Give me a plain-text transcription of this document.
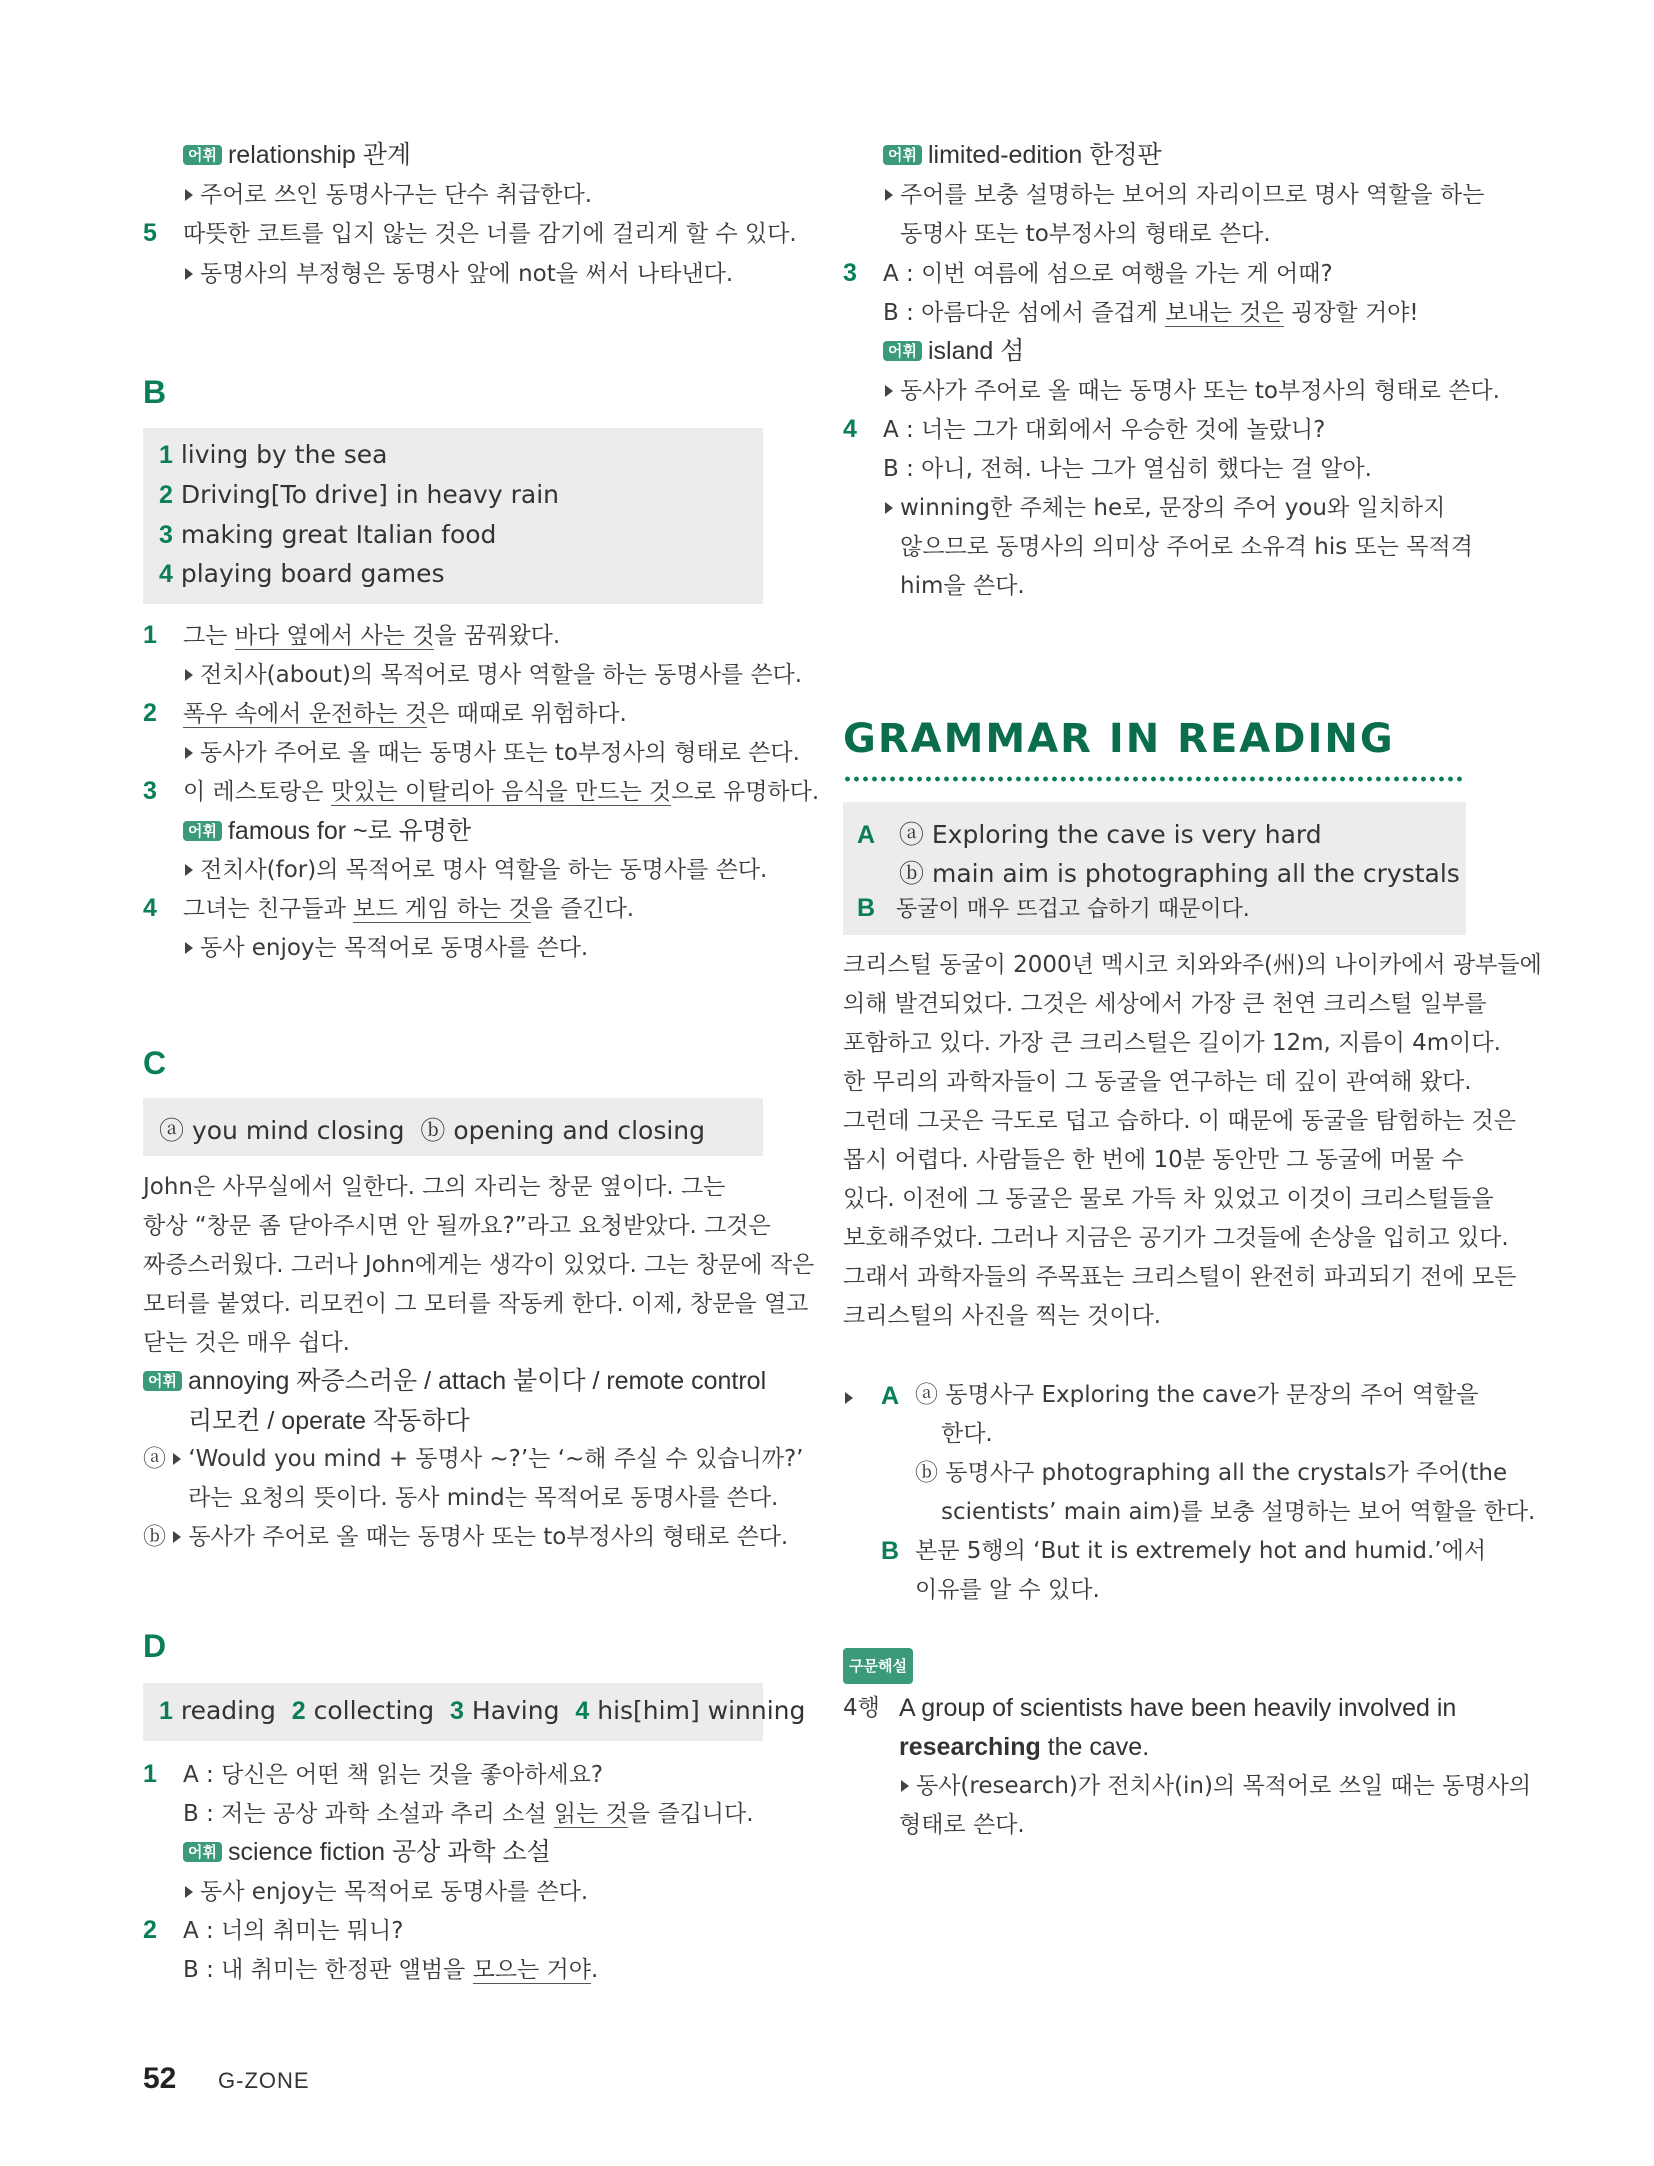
어휘 relationship 관계
주어로 쓰인 동명사구는 단수 취급한다.
5 따뜻한 코트를 입지 않는 것은 너를 감기에 걸리게 할 수 있다.
동명사의 부정형은 동명사 앞에 not을 써서 나타낸다.
B
1 living by the sea
2 Driving[To drive] in heavy rain
3 making great Italian food
4 playing board games
1 그는 바다 옆에서 사는 것을 꿈꿔왔다.
전치사(about)의 목적어로 명사 역할을 하는 동명사를 쓴다.
2 폭우 속에서 운전하는 것은 때때로 위험하다.
동사가 주어로 올 때는 동명사 또는 to부정사의 형태로 쓴다.
3 이 레스토랑은 맛있는 이탈리아 음식을 만드는 것으로 유명하다.
어휘 famous for ~로 유명한
전치사(for)의 목적어로 명사 역할을 하는 동명사를 쓴다.
4 그녀는 친구들과 보드 게임 하는 것을 즐긴다.
동사 enjoy는 목적어로 동명사를 쓴다.
C
ⓐ you mind closing ⓑ opening and closing
John은 사무실에서 일한다. 그의 자리는 창문 옆이다. 그는
항상 “창문 좀 닫아주시면 안 될까요?”라고 요청받았다. 그것은
짜증스러웠다. 그러나 John에게는 생각이 있었다. 그는 창문에 작은
모터를 붙였다. 리모컨이 그 모터를 작동케 한다. 이제, 창문을 열고
닫는 것은 매우 쉽다.
어휘 annoying 짜증스러운 / attach 붙이다 / remote control
리모컨 / operate 작동하다
ⓐ ‘Would you mind + 동명사 ~?’는 ‘~해 주실 수 있습니까?’
라는 요청의 뜻이다. 동사 mind는 목적어로 동명사를 쓴다.
ⓑ 동사가 주어로 올 때는 동명사 또는 to부정사의 형태로 쓴다.
D
1 reading 2 collecting 3 Having 4 his[him] winning
1 A : 당신은 어떤 책 읽는 것을 좋아하세요?
B : 저는 공상 과학 소설과 추리 소설 읽는 것을 즐깁니다.
어휘 science fiction 공상 과학 소설
동사 enjoy는 목적어로 동명사를 쓴다.
2 A : 너의 취미는 뭐니?
B : 내 취미는 한정판 앨범을 모으는 거야.
어휘 limited-edition 한정판
주어를 보충 설명하는 보어의 자리이므로 명사 역할을 하는
동명사 또는 to부정사의 형태로 쓴다.
3 A : 이번 여름에 섬으로 여행을 가는 게 어때?
B : 아름다운 섬에서 즐겁게 보내는 것은 굉장할 거야!
어휘 island 섬
동사가 주어로 올 때는 동명사 또는 to부정사의 형태로 쓴다.
4 A : 너는 그가 대회에서 우승한 것에 놀랐니?
B : 아니, 전혀. 나는 그가 열심히 했다는 걸 알아.
winning한 주체는 he로, 문장의 주어 you와 일치하지
않으므로 동명사의 의미상 주어로 소유격 his 또는 목적격
him을 쓴다.
GRAMMAR IN READING
A ⓐ Exploring the cave is very hard
ⓑ main aim is photographing all the crystals
B 동굴이 매우 뜨겁고 습하기 때문이다.
크리스털 동굴이 2000년 멕시코 치와와주(州)의 나이카에서 광부들에
의해 발견되었다. 그것은 세상에서 가장 큰 천연 크리스털 일부를
포함하고 있다. 가장 큰 크리스털은 길이가 12m, 지름이 4m이다.
한 무리의 과학자들이 그 동굴을 연구하는 데 깊이 관여해 왔다.
그런데 그곳은 극도로 덥고 습하다. 이 때문에 동굴을 탐험하는 것은
몹시 어렵다. 사람들은 한 번에 10분 동안만 그 동굴에 머물 수
있다. 이전에 그 동굴은 물로 가득 차 있었고 이것이 크리스털들을
보호해주었다. 그러나 지금은 공기가 그것들에 손상을 입히고 있다.
그래서 과학자들의 주목표는 크리스털이 완전히 파괴되기 전에 모든
크리스털의 사진을 찍는 것이다.
A ⓐ 동명사구 Exploring the cave가 문장의 주어 역할을
한다.
ⓑ 동명사구 photographing all the crystals가 주어(the
scientists’ main aim)를 보충 설명하는 보어 역할을 한다.
B 본문 5행의 ‘But it is extremely hot and humid.’에서
이유를 알 수 있다.
구문해설
4행 A group of scientists have been heavily involved in
researching the cave.
동사(research)가 전치사(in)의 목적어로 쓰일 때는 동명사의
형태로 쓴다.
52 G-ZONE
